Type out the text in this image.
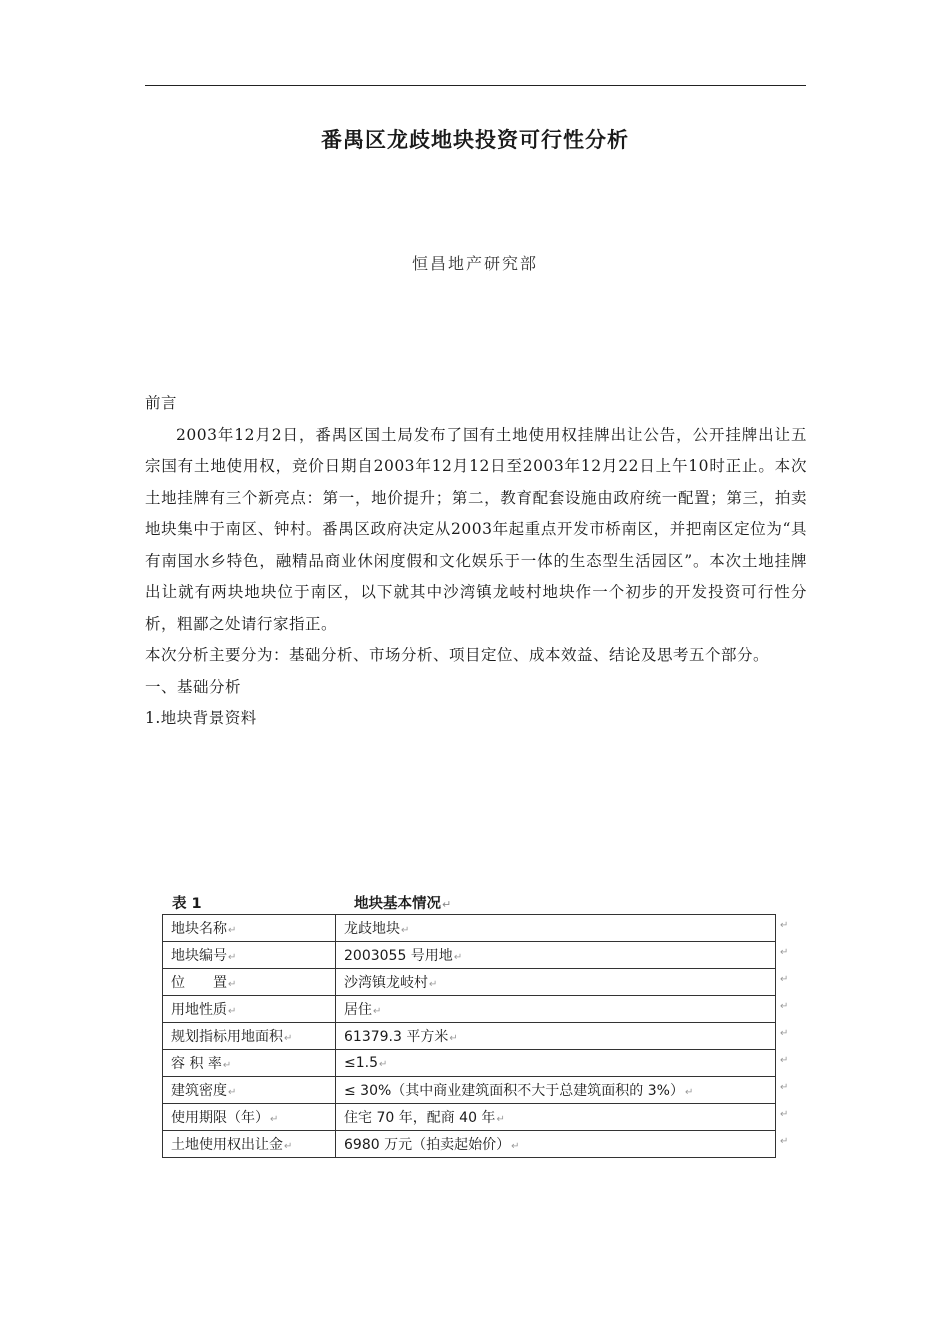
番禺区龙歧地块投资可行性分析
恒昌地产研究部

前言

2003年12月2日，番禺区国土局发布了国有土地使用权挂牌出让公告，公开挂牌出让五宗国有土地使用权，竞价日期自2003年12月12日至2003年12月22日上午10时正止。本次土地挂牌有三个新亮点：第一，地价提升；第二，教育配套设施由政府统一配置；第三，拍卖地块集中于南区、钟村。番禺区政府决定从2003年起重点开发市桥南区，并把南区定位为“具有南国水乡特色，融精品商业休闲度假和文化娱乐于一体的生态型生活园区”。本次土地挂牌出让就有两块地块位于南区，以下就其中沙湾镇龙岐村地块作一个初步的开发投资可行性分析，粗鄙之处请行家指正。

本次分析主要分为：基础分析、市场分析、项目定位、成本效益、结论及思考五个部分。

一、基础分析

1.地块背景资料

表 1	地块基本情况↵
地块名称↵	龙歧地块↵
地块编号↵	2003055 号用地↵
位　　置↵	沙湾镇龙岐村↵
用地性质↵	居住↵
规划指标用地面积↵	61379.3 平方米↵
容 积 率↵	≤1.5↵
建筑密度↵	≤ 30%（其中商业建筑面积不大于总建筑面积的 3%）↵
使用期限（年）↵	住宅 70 年，配商 40 年↵
土地使用权出让金↵	6980 万元（拍卖起始价）↵
↵
↵
↵
↵
↵
↵
↵
↵
↵
